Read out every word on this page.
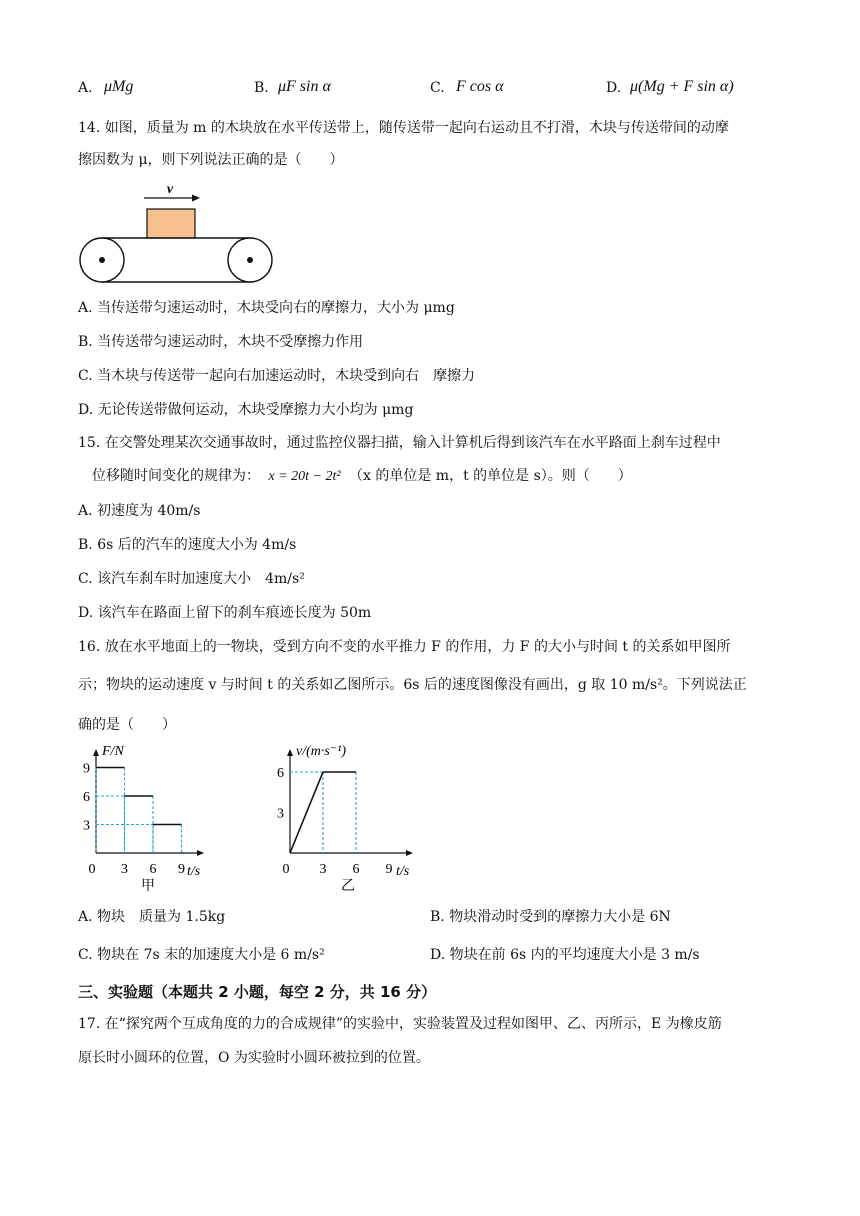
A. μMg	B. μF sin α	C. F cos α	D. μ(Mg + F sin α)
14. 如图，质量为 m 的木块放在水平传送带上，随传送带一起向右运动且不打滑，木块与传送带间的动摩
擦因数为 μ，则下列说法正确的是（　　）
v
A. 当传送带匀速运动时，木块受向右的摩擦力，大小为 μmg
B. 当传送带匀速运动时，木块不受摩擦力作用
C. 当木块与传送带一起向右加速运动时，木块受到向右　摩擦力
D. 无论传送带做何运动，木块受摩擦力大小均为 μmg
15. 在交警处理某次交通事故时，通过监控仪器扫描，输入计算机后得到该汽车在水平路面上刹车过程中
位移随时间变化的规律为： x = 20t − 2t² （x 的单位是 m，t 的单位是 s）。则（　　）
A. 初速度为 40m/s
B. 6s 后的汽车的速度大小为 4m/s
C. 该汽车刹车时加速度大小　4m/s²
D. 该汽车在路面上留下的刹车痕迹长度为 50m
16. 放在水平地面上的一物块，受到方向不变的水平推力 F 的作用，力 F 的大小与时间 t 的关系如甲图所
示；物块的运动速度 v 与时间 t 的关系如乙图所示。6s 后的速度图像没有画出，g 取 10 m/s²。下列说法正
确的是（　　）
F/N
t/s
0 3 6 9
3
6
9
甲
v/(m·s⁻¹)
t/s
0 3 6 9
3
6
乙
A. 物块　质量为 1.5kg	B. 物块滑动时受到的摩擦力大小是 6N
C. 物块在 7s 末的加速度大小是 6 m/s²	D. 物块在前 6s 内的平均速度大小是 3 m/s
三、实验题（本题共 2 小题，每空 2 分，共 16 分）
17. 在“探究两个互成角度的力的合成规律”的实验中，实验装置及过程如图甲、乙、丙所示，E 为橡皮筋
原长时小圆环的位置，O 为实验时小圆环被拉到的位置。
